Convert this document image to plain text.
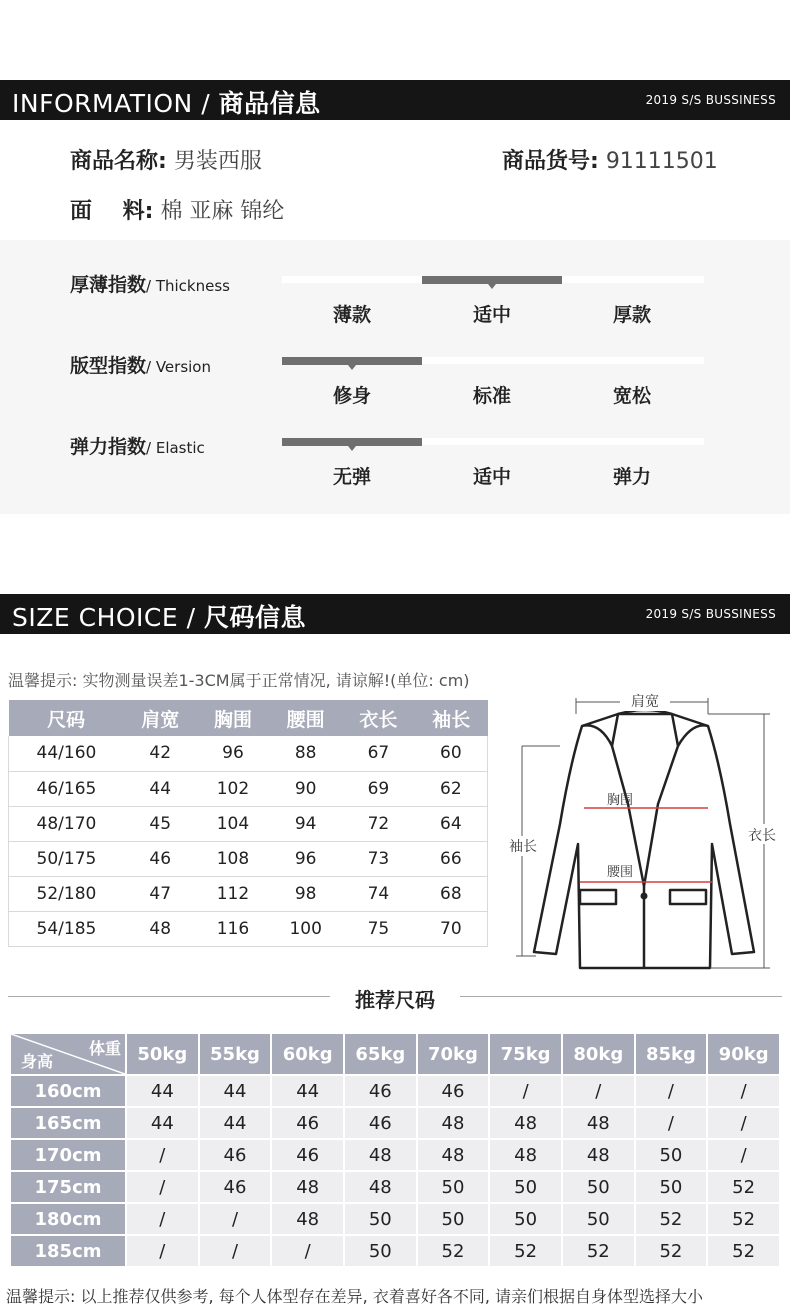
INFORMATION / 商品信息	2019 S/S BUSSINESS
商品名称: 男装西服	商品货号: 91111501
面    料: 棉 亚麻 锦纶
厚薄指数/ Thickness
薄款	适中	厚款
版型指数/ Version
修身	标准	宽松
弹力指数/ Elastic
无弹	适中	弹力
SIZE CHOICE / 尺码信息	2019 S/S BUSSINESS
温馨提示: 实物测量误差1-3CM属于正常情况, 请谅解!(单位: cm)
尺码	肩宽	胸围	腰围	衣长	袖长
44/160	42	96	88	67	60
46/165	44	102	90	69	62
48/170	45	104	94	72	64
50/175	46	108	96	73	66
52/180	47	112	98	74	68
54/185	48	116	100	75	70
肩宽
胸围
腰围
袖长
衣长
推荐尺码
体重
身高	50kg	55kg	60kg	65kg	70kg	75kg	80kg	85kg	90kg
160cm	44	44	44	46	46	/	/	/	/
165cm	44	44	46	46	48	48	48	/	/
170cm	/	46	46	48	48	48	48	50	/
175cm	/	46	48	48	50	50	50	50	52
180cm	/	/	48	50	50	50	50	52	52
185cm	/	/	/	50	52	52	52	52	52
温馨提示: 以上推荐仅供参考, 每个人体型存在差异, 衣着喜好各不同, 请亲们根据自身体型选择大小
